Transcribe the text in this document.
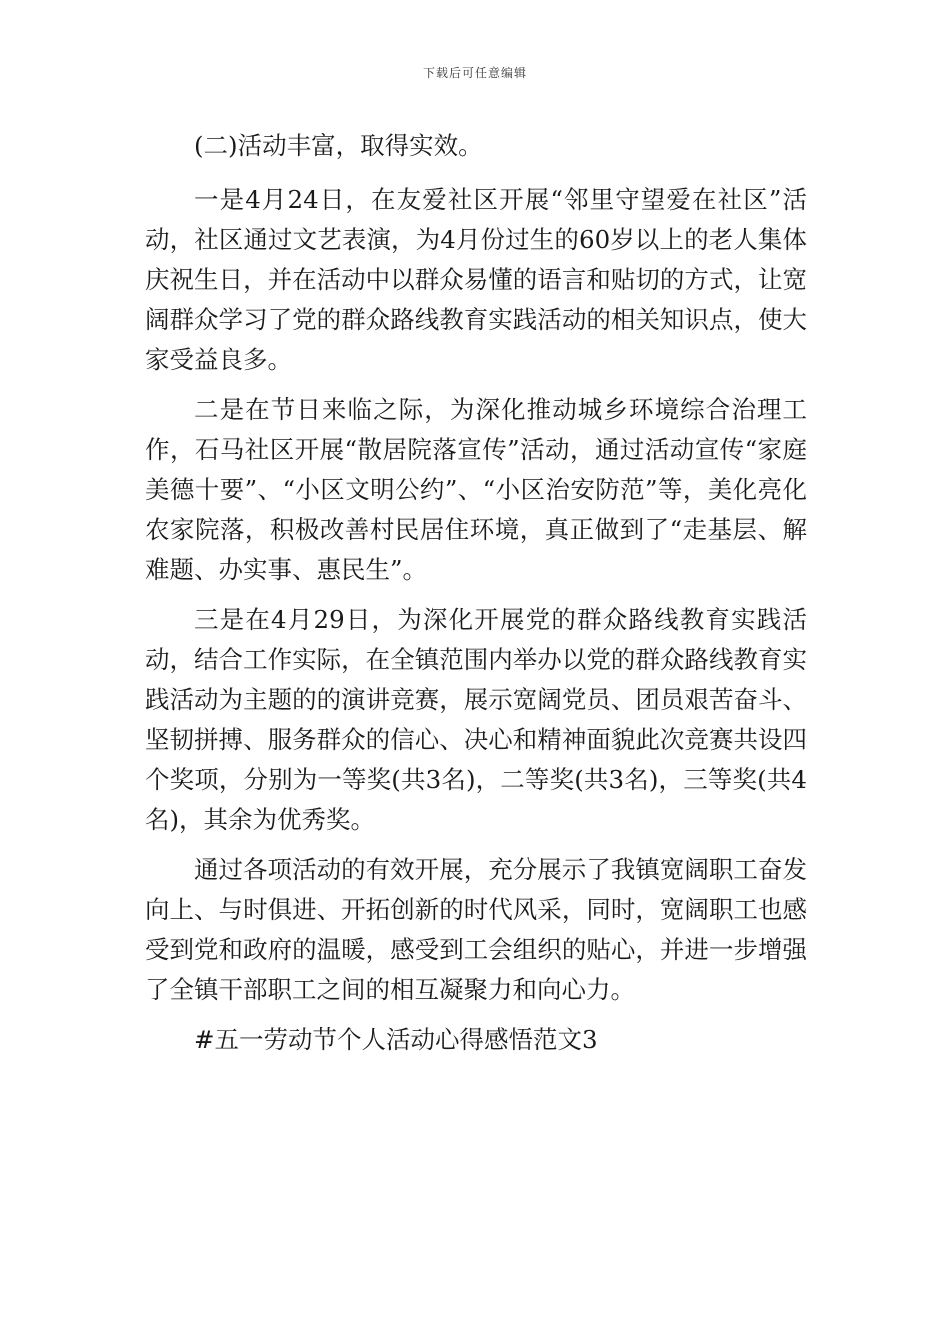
下载后可任意编辑

(二)活动丰富，取得实效。

一是4月24日，在友爱社区开展“邻里守望爱在社区”活动，社区通过文艺表演，为4月份过生的60岁以上的老人集体庆祝生日，并在活动中以群众易懂的语言和贴切的方式，让宽阔群众学习了党的群众路线教育实践活动的相关知识点，使大家受益良多。

二是在节日来临之际，为深化推动城乡环境综合治理工作，石马社区开展“散居院落宣传”活动，通过活动宣传“家庭美德十要”、“小区文明公约”、“小区治安防范”等，美化亮化农家院落，积极改善村民居住环境，真正做到了“走基层、解难题、办实事、惠民生”。

三是在4月29日，为深化开展党的群众路线教育实践活动，结合工作实际，在全镇范围内举办以党的群众路线教育实践活动为主题的的演讲竞赛，展示宽阔党员、团员艰苦奋斗、坚韧拼搏、服务群众的信心、决心和精神面貌此次竞赛共设四个奖项，分别为一等奖(共3名)，二等奖(共3名)，三等奖(共4名)，其余为优秀奖。

通过各项活动的有效开展，充分展示了我镇宽阔职工奋发向上、与时俱进、开拓创新的时代风采，同时，宽阔职工也感受到党和政府的温暖，感受到工会组织的贴心，并进一步增强了全镇干部职工之间的相互凝聚力和向心力。

#五一劳动节个人活动心得感悟范文3
